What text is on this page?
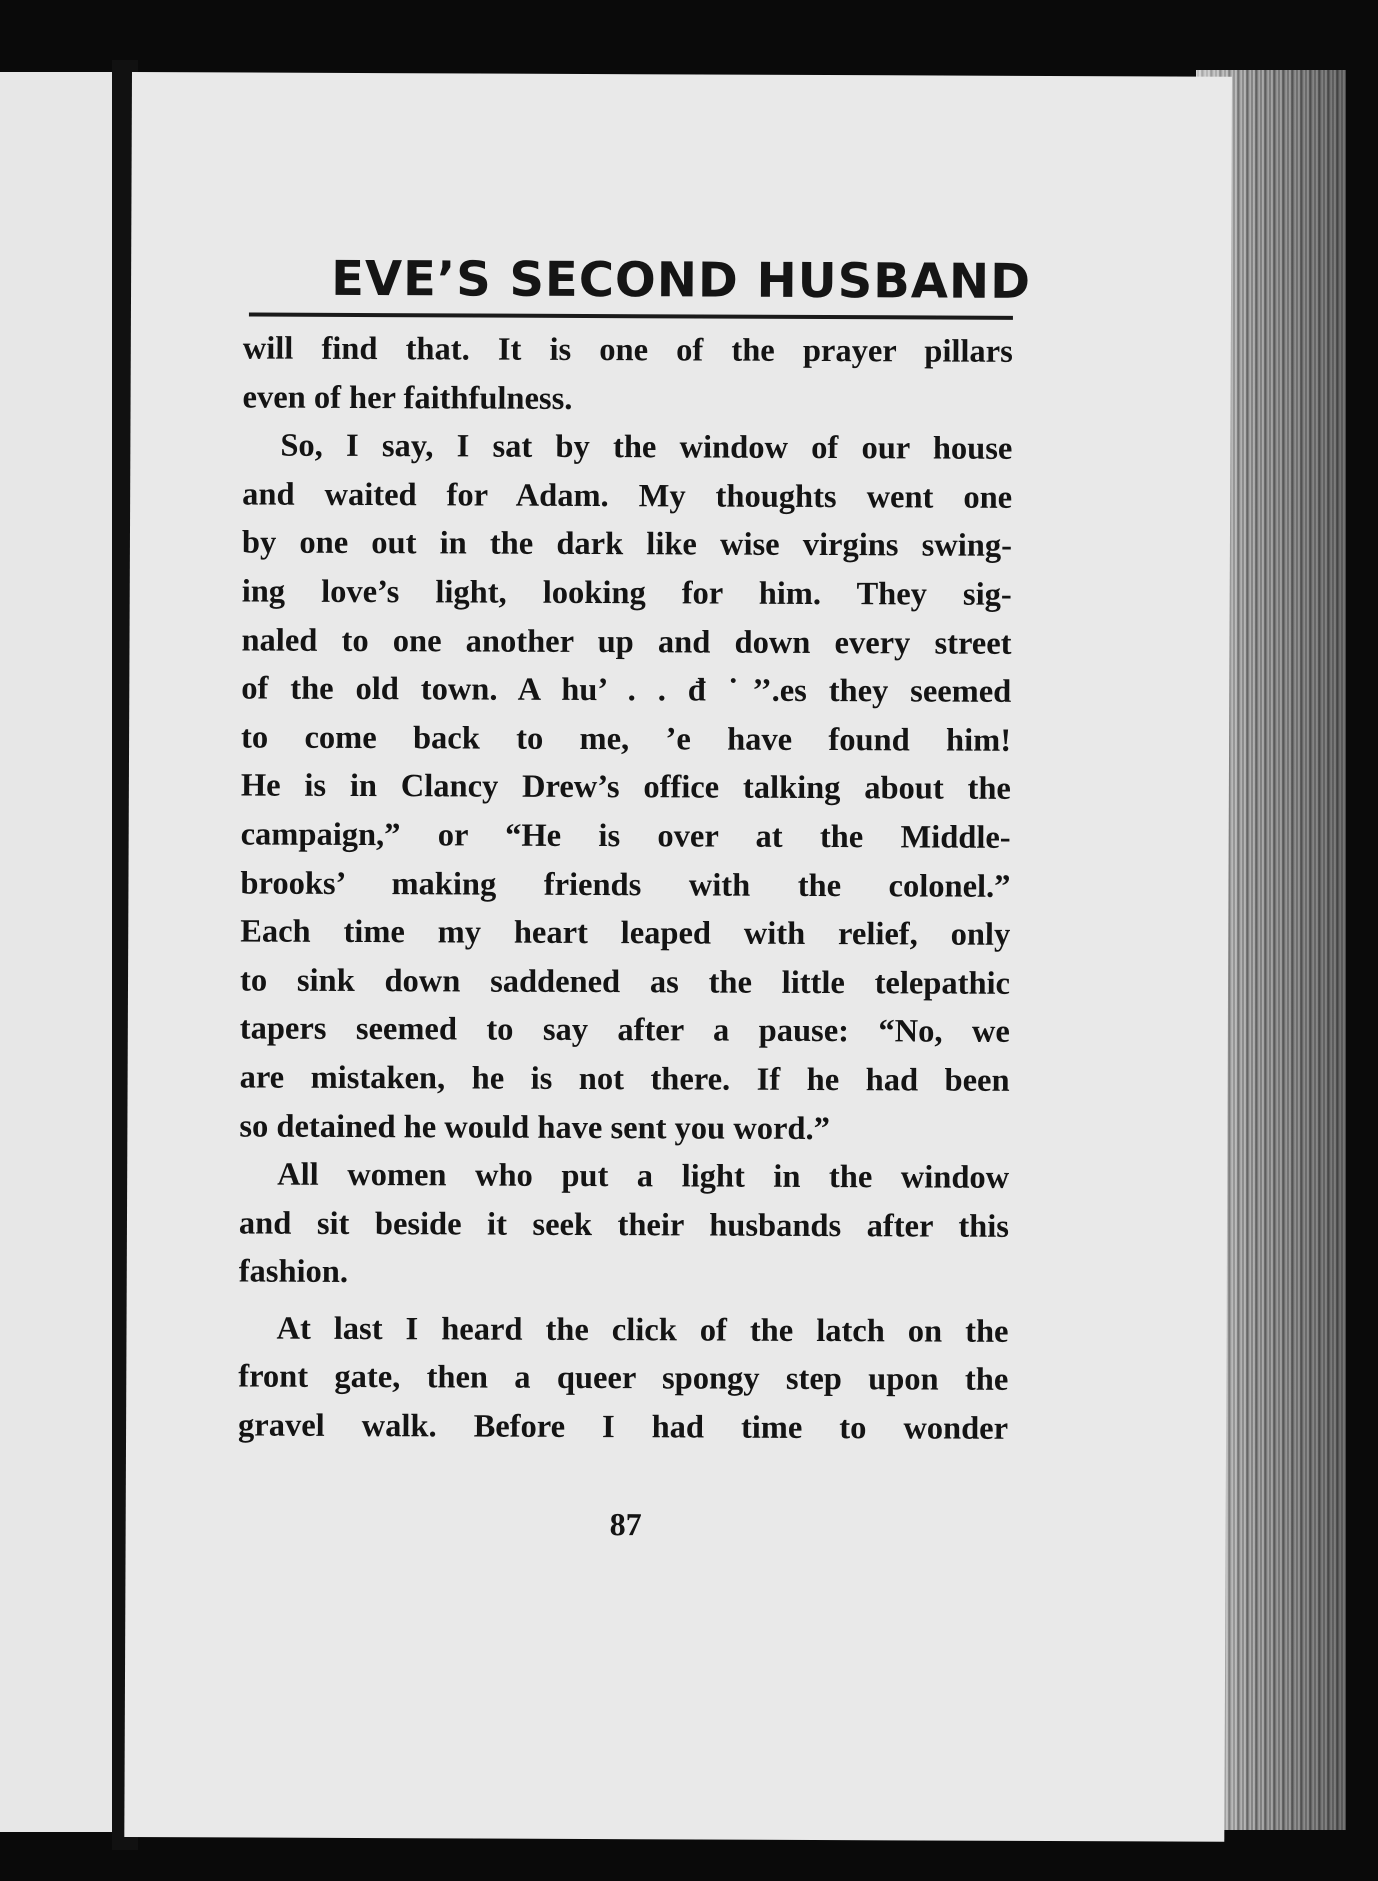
EVE’S SECOND HUSBAND
will find that. It is one of the prayer pillars
even of her faithfulness.
So, I say, I sat by the window of our house
and waited for Adam. My thoughts went one
by one out in the dark like wise virgins swing-
ing love’s light, looking for him. They sig-
naled to one another up and down every street
of the old town. A hu’ . . đ ˙’’.es they seemed
to come back to me, ’e have found him!
He is in Clancy Drew’s office talking about the
campaign,” or “He is over at the Middle-
brooks’ making friends with the colonel.”
Each time my heart leaped with relief, only
to sink down saddened as the little telepathic
tapers seemed to say after a pause: “No, we
are mistaken, he is not there. If he had been
so detained he would have sent you word.”
All women who put a light in the window
and sit beside it seek their husbands after this
fashion.
At last I heard the click of the latch on the
front gate, then a queer spongy step upon the
gravel walk. Before I had time to wonder
87
